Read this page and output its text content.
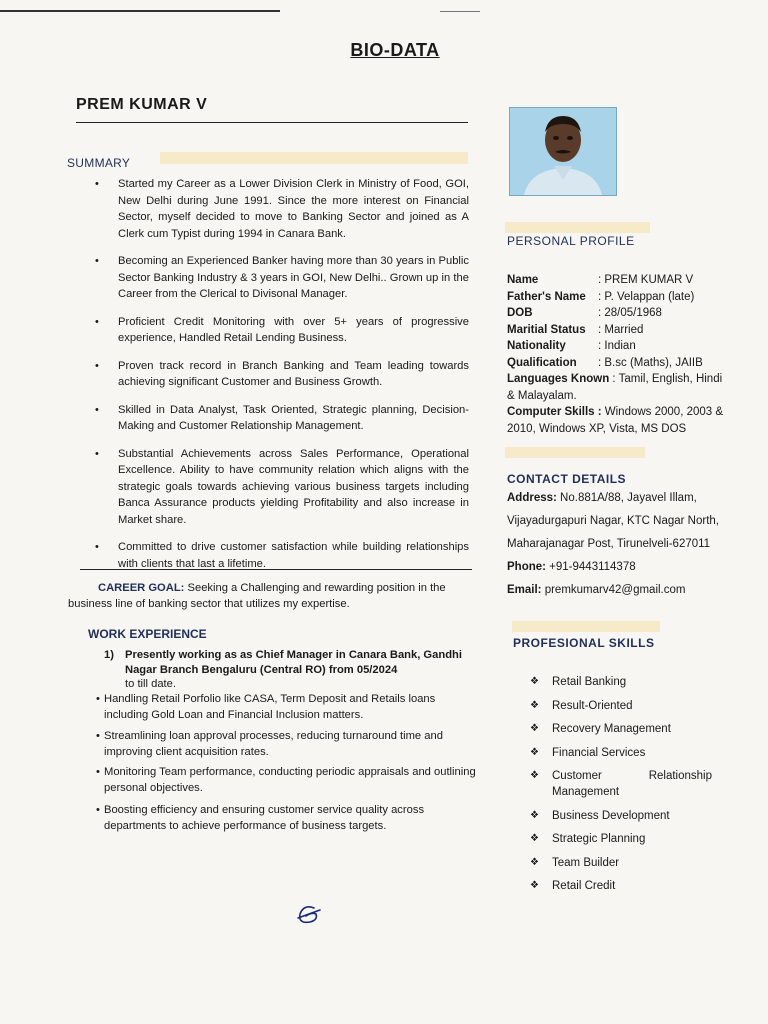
BIO-DATA
PREM KUMAR V
SUMMARY
• Started my Career as a Lower Division Clerk in Ministry of Food, GOI, New Delhi during June 1991. Since the more interest on Financial Sector, myself decided to move to Banking Sector and joined as A Clerk cum Typist during 1994 in Canara Bank.
• Becoming an Experienced Banker having more than 30 years in Public Sector Banking Industry & 3 years in GOI, New Delhi.. Grown up in the Career from the Clerical to Divisonal Manager.
• Proficient Credit Monitoring with over 5+ years of progressive experience, Handled Retail Lending Business.
• Proven track record in Branch Banking and Team leading towards achieving significant Customer and Business Growth.
• Skilled in Data Analyst, Task Oriented, Strategic planning, Decision-Making and Customer Relationship Management.
• Substantial Achievements across Sales Performance, Operational Excellence. Ability to have community relation which aligns with the strategic goals towards achieving various business targets including Banca Assurance products yielding Profitability and also increase in Market share.
• Committed to drive customer satisfaction while building relationships with clients that last a lifetime.
CAREER GOAL: Seeking a Challenging and rewarding position in the business line of banking sector that utilizes my expertise.
WORK EXPERIENCE
1) Presently working as as Chief Manager in Canara Bank, Gandhi Nagar Branch Bengaluru (Central RO) from 05/2024
to till date.
• Handling Retail Porfolio like CASA, Term Deposit and Retails loans including Gold Loan and Financial Inclusion matters.
• Streamlining loan approval processes, reducing turnaround time and improving client acquisition rates.
• Monitoring Team performance, conducting periodic appraisals and outlining personal objectives.
• Boosting efficiency and ensuring customer service quality across departments to achieve performance of business targets.
PERSONAL PROFILE
Name	: PREM KUMAR V
Father's Name : P. Velappan (late)
DOB	: 28/05/1968
Maritial Status : Married
Nationality	: Indian
Qualification : B.sc (Maths), JAIIB
Languages Known : Tamil, English, Hindi & Malayalam.
Computer Skills : Windows 2000, 2003 & 2010, Windows XP, Vista, MS DOS
CONTACT DETAILS
Address: No.881A/88, Jayavel Illam,
Vijayadurgapuri Nagar, KTC Nagar North,
Maharajanagar Post, Tirunelveli-627011
Phone: +91-9443114378
Email: premkumarv42@gmail.com
PROFESIONAL SKILLS
❖ Retail Banking
❖ Result-Oriented
❖ Recovery Management
❖ Financial Services
❖ Customer Relationship Management
❖ Business Development
❖ Strategic Planning
❖ Team Builder
❖ Retail Credit
